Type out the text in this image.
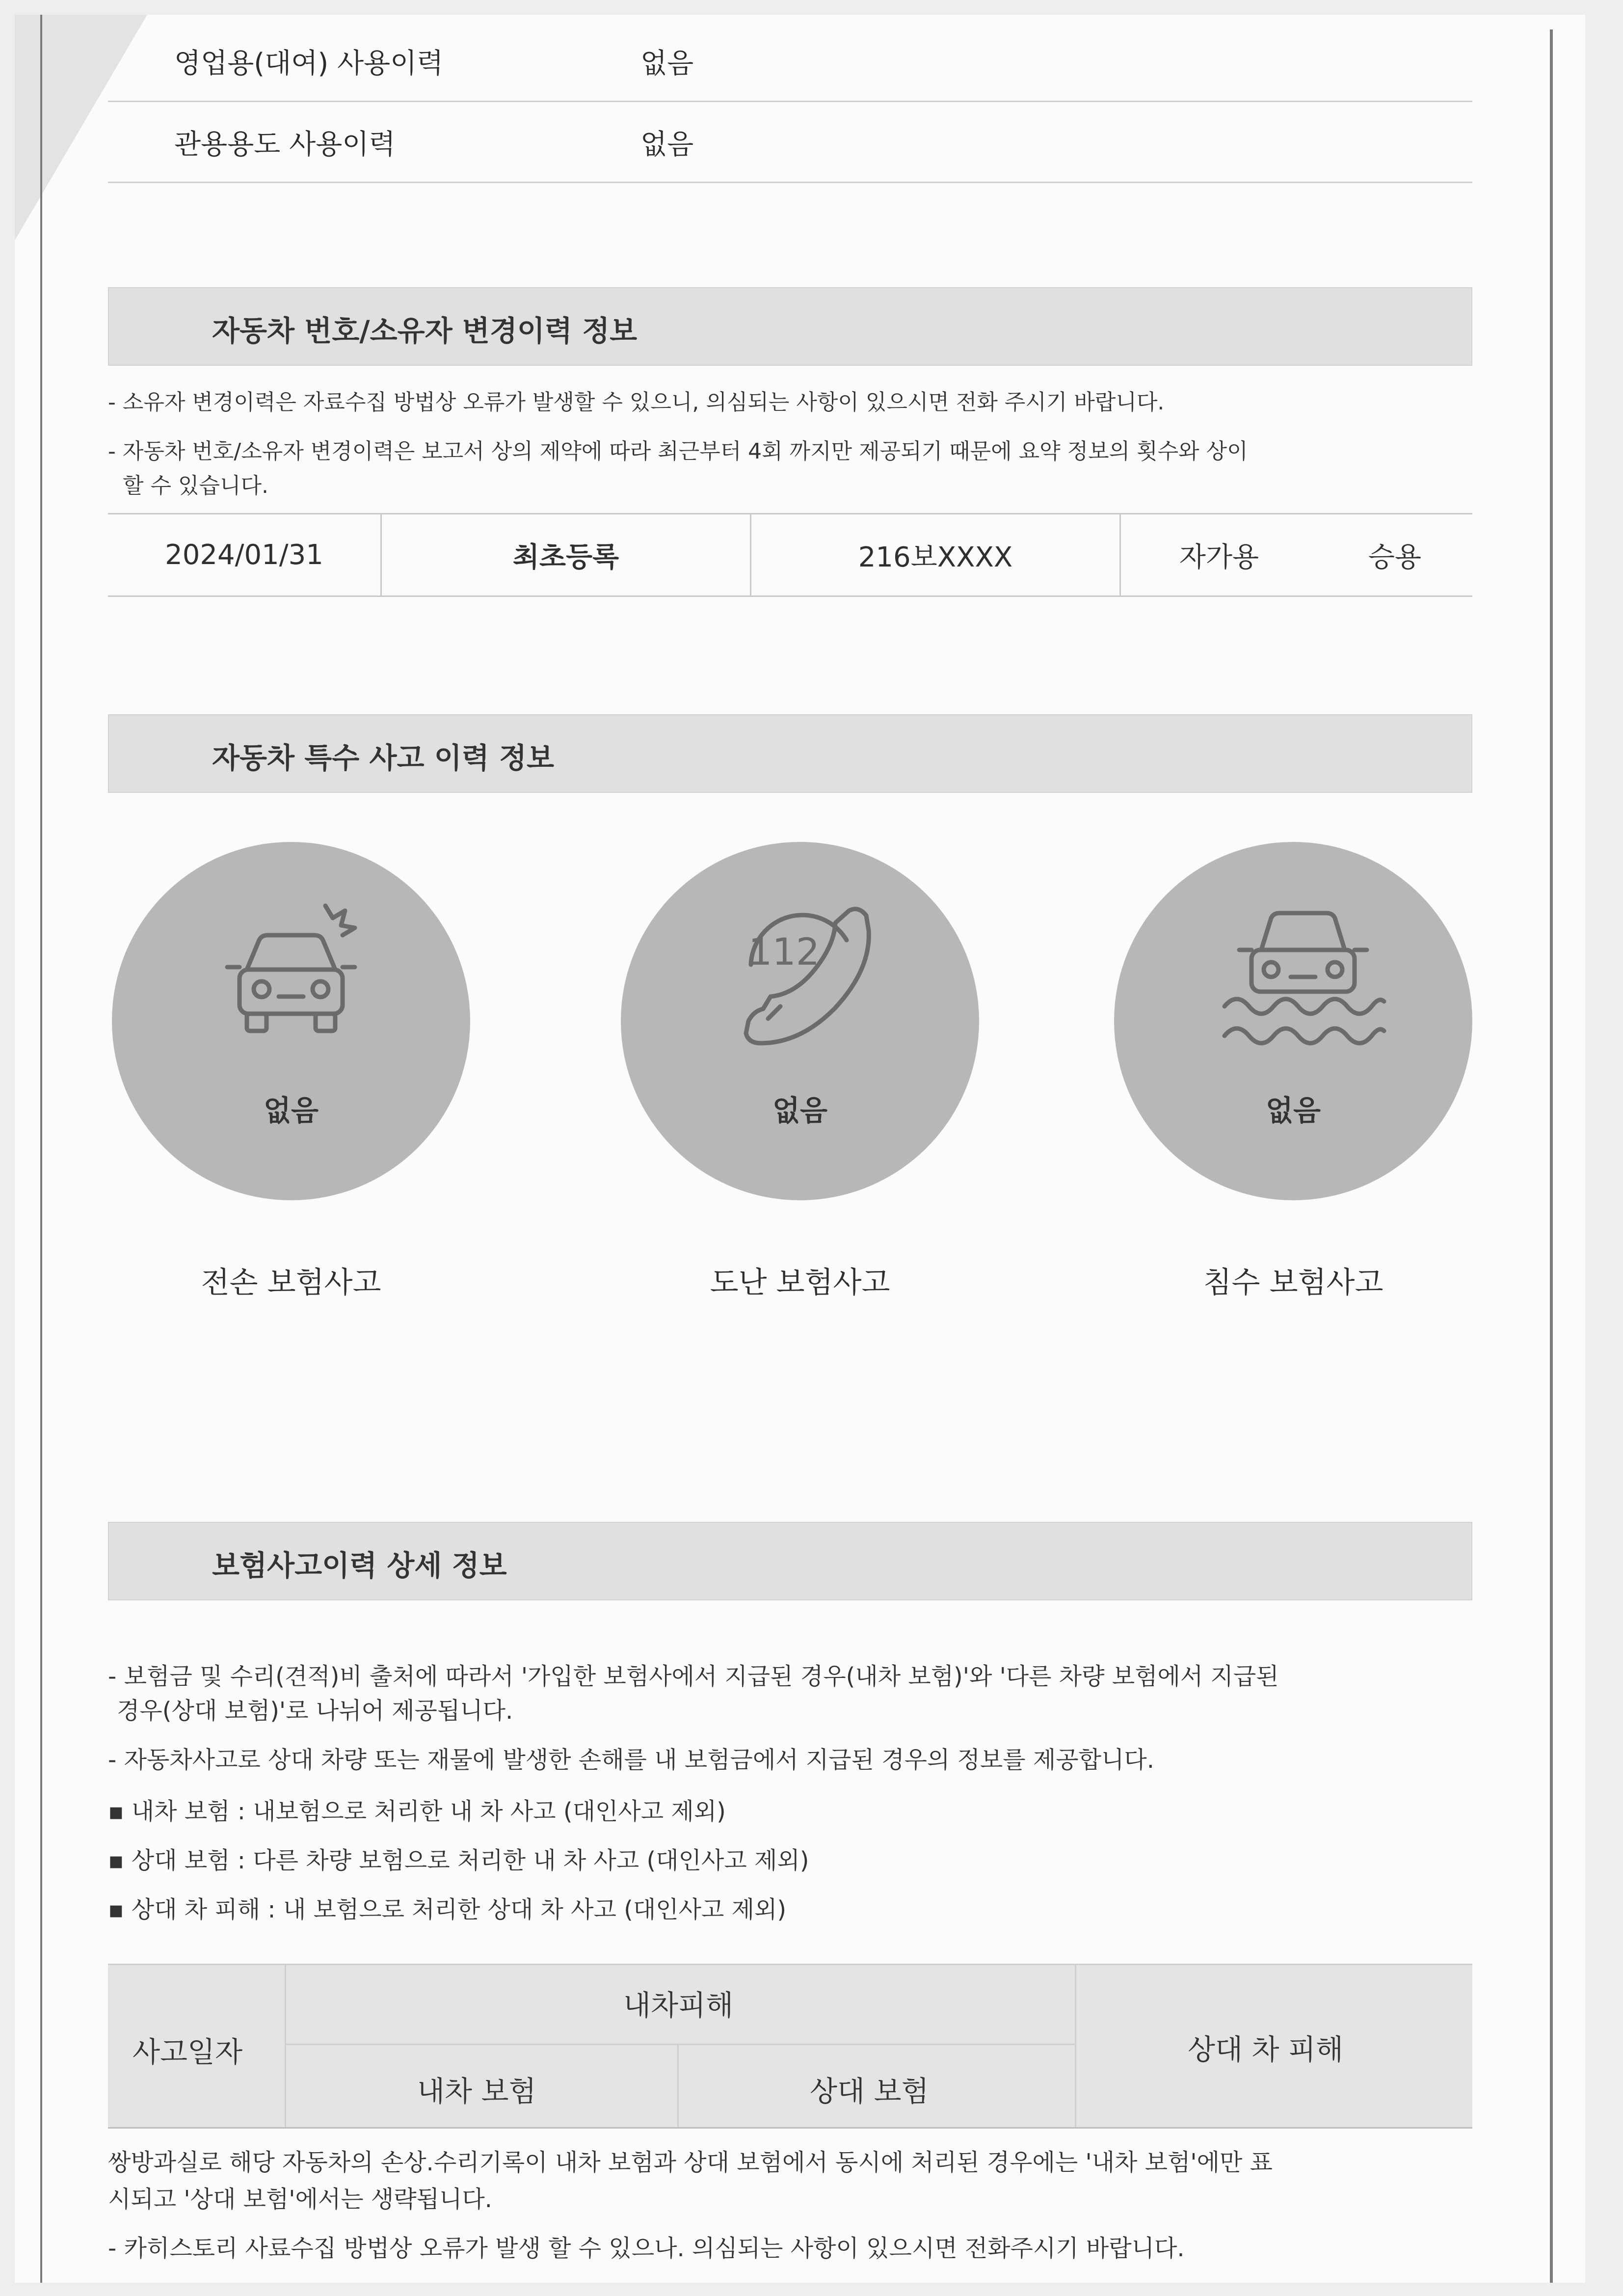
영업용(대여) 사용이력	없음
관용용도 사용이력	없음
자동차 번호/소유자 변경이력 정보
- 소유자 변경이력은 자료수집 방법상 오류가 발생할 수 있으니, 의심되는 사항이 있으시면 전화 주시기 바랍니다.
- 자동차 번호/소유자 변경이력은 보고서 상의 제약에 따라 최근부터 4회 까지만 제공되기 때문에 요약 정보의 횟수와 상이
할 수 있습니다.
2024/01/31	최초등록	216보XXXX	자가용	승용
자동차 특수 사고 이력 정보
없음
112
없음	없음
전손 보험사고	도난 보험사고	침수 보험사고
보험사고이력 상세 정보
- 보험금 및 수리(견적)비 출처에 따라서 '가입한 보험사에서 지급된 경우(내차 보험)'와 '다른 차량 보험에서 지급된
경우(상대 보험)'로 나뉘어 제공됩니다.
- 자동차사고로 상대 차량 또는 재물에 발생한 손해를 내 보험금에서 지급된 경우의 정보를 제공합니다.
▪ 내차 보험 : 내보험으로 처리한 내 차 사고 (대인사고 제외)
▪ 상대 보험 : 다른 차량 보험으로 처리한 내 차 사고 (대인사고 제외)
▪ 상대 차 피해 : 내 보험으로 처리한 상대 차 사고 (대인사고 제외)
사고일자
내차피해
내차 보험	상대 보험
상대 차 피해
쌍방과실로 해당 자동차의 손상.수리기록이 내차 보험과 상대 보험에서 동시에 처리된 경우에는 '내차 보험'에만 표
시되고 '상대 보험'에서는 생략됩니다.
- 카히스토리 사료수집 방법상 오류가 발생 할 수 있으나. 의심되는 사항이 있으시면 전화주시기 바랍니다.
